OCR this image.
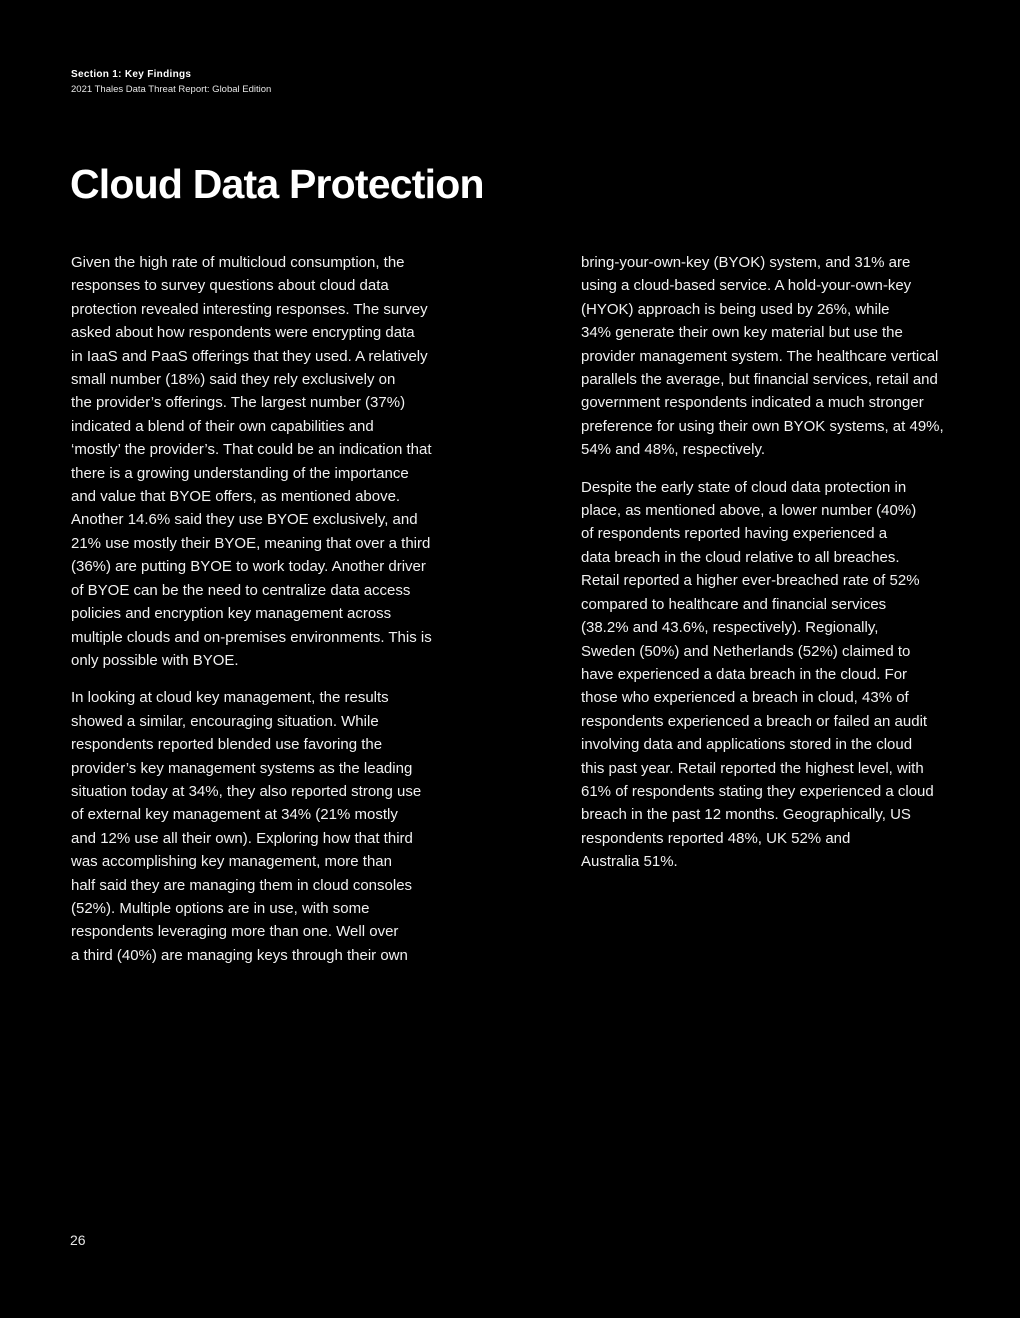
Section 1: Key Findings
2021 Thales Data Threat Report: Global Edition
Cloud Data Protection

Given the high rate of multicloud consumption, the
responses to survey questions about cloud data
protection revealed interesting responses. The survey
asked about how respondents were encrypting data
in IaaS and PaaS offerings that they used. A relatively
small number (18%) said they rely exclusively on
the provider’s offerings. The largest number (37%)
indicated a blend of their own capabilities and
‘mostly’ the provider’s. That could be an indication that
there is a growing understanding of the importance
and value that BYOE offers, as mentioned above.
Another 14.6% said they use BYOE exclusively, and
21% use mostly their BYOE, meaning that over a third
(36%) are putting BYOE to work today. Another driver
of BYOE can be the need to centralize data access
policies and encryption key management across
multiple clouds and on-premises environments. This is
only possible with BYOE.

In looking at cloud key management, the results
showed a similar, encouraging situation. While
respondents reported blended use favoring the
provider’s key management systems as the leading
situation today at 34%, they also reported strong use
of external key management at 34% (21% mostly
and 12% use all their own). Exploring how that third
was accomplishing key management, more than
half said they are managing them in cloud consoles
(52%). Multiple options are in use, with some
respondents leveraging more than one. Well over
a third (40%) are managing keys through their own

bring-your-own-key (BYOK) system, and 31% are
using a cloud-based service. A hold-your-own-key
(HYOK) approach is being used by 26%, while
34% generate their own key material but use the
provider management system. The healthcare vertical
parallels the average, but financial services, retail and
government respondents indicated a much stronger
preference for using their own BYOK systems, at 49%,
54% and 48%, respectively.

Despite the early state of cloud data protection in
place, as mentioned above, a lower number (40%)
of respondents reported having experienced a
data breach in the cloud relative to all breaches.
Retail reported a higher ever-breached rate of 52%
compared to healthcare and financial services
(38.2% and 43.6%, respectively). Regionally,
Sweden (50%) and Netherlands (52%) claimed to
have experienced a data breach in the cloud. For
those who experienced a breach in cloud, 43% of
respondents experienced a breach or failed an audit
involving data and applications stored in the cloud
this past year. Retail reported the highest level, with
61% of respondents stating they experienced a cloud
breach in the past 12 months. Geographically, US
respondents reported 48%, UK 52% and
Australia 51%.

26
